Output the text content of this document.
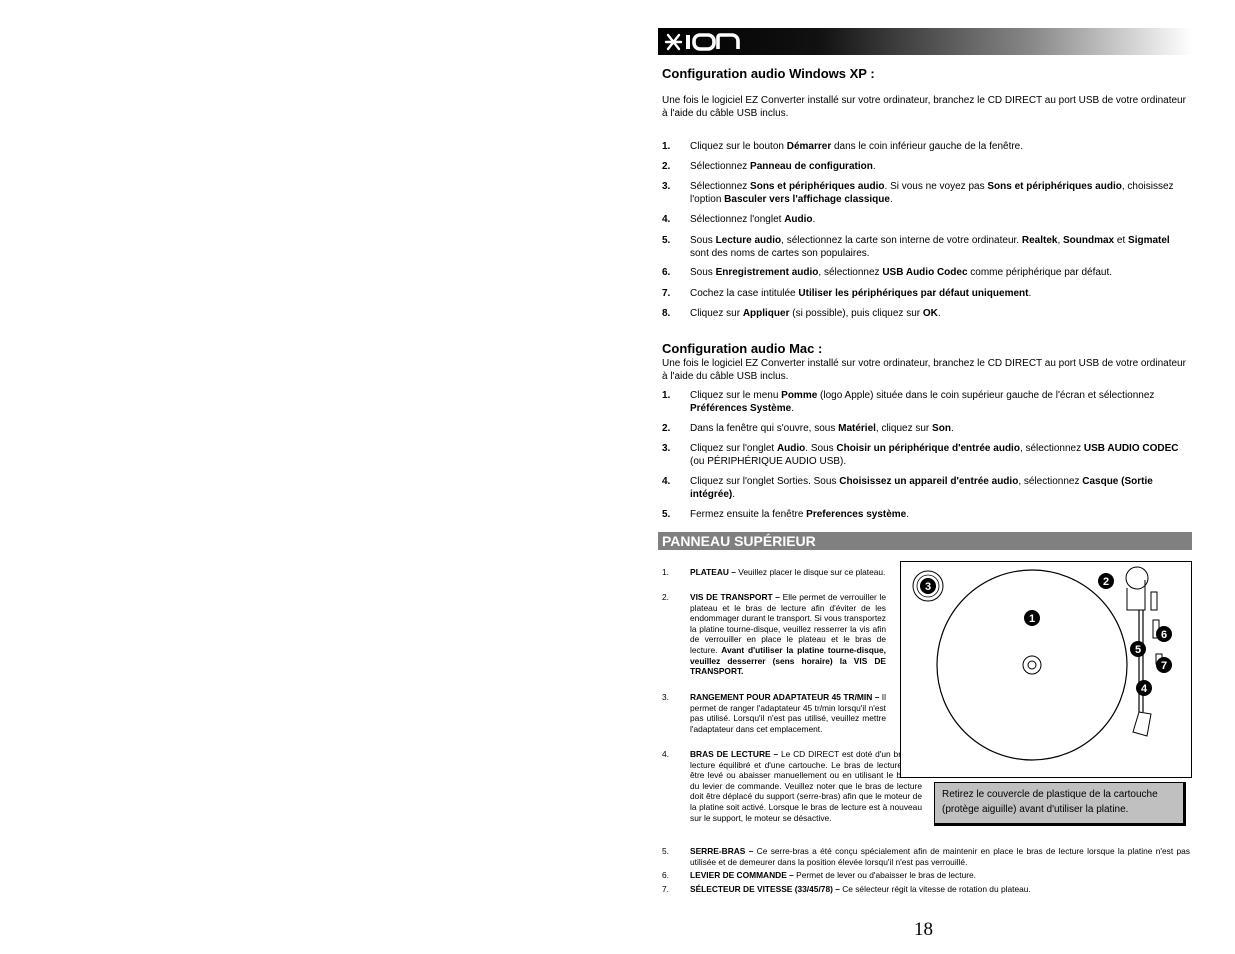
Configuration audio Windows XP :

Une fois le logiciel EZ Converter installé sur votre ordinateur, branchez le CD DIRECT au port USB de votre ordinateur à l'aide du câble USB inclus.

1. Cliquez sur le bouton Démarrer dans le coin inférieur gauche de la fenêtre.
2. Sélectionnez Panneau de configuration.
3. Sélectionnez Sons et périphériques audio. Si vous ne voyez pas Sons et périphériques audio, choisissez l'option Basculer vers l'affichage classique.
4. Sélectionnez l'onglet Audio.
5. Sous Lecture audio, sélectionnez la carte son interne de votre ordinateur. Realtek, Soundmax et Sigmatel sont des noms de cartes son populaires.
6. Sous Enregistrement audio, sélectionnez USB Audio Codec comme périphérique par défaut.
7. Cochez la case intitulée Utiliser les périphériques par défaut uniquement.
8. Cliquez sur Appliquer (si possible), puis cliquez sur OK.
Configuration audio Mac :

Une fois le logiciel EZ Converter installé sur votre ordinateur, branchez le CD DIRECT au port USB de votre ordinateur à l'aide du câble USB inclus.

1. Cliquez sur le menu Pomme (logo Apple) située dans le coin supérieur gauche de l'écran et sélectionnez Préférences Système.
2. Dans la fenêtre qui s'ouvre, sous Matériel, cliquez sur Son.
3. Cliquez sur l'onglet Audio. Sous Choisir un périphérique d'entrée audio, sélectionnez USB AUDIO CODEC (ou PÉRIPHÉRIQUE AUDIO USB).
4. Cliquez sur l'onglet Sorties. Sous Choisissez un appareil d'entrée audio, sélectionnez Casque (Sortie intégrée).
5. Fermez ensuite la fenêtre Preferences système.
PANNEAU SUPÉRIEUR
1.	PLATEAU – Veuillez placer le disque sur ce plateau.
2.	VIS DE TRANSPORT – Elle permet de verrouiller le plateau et le bras de lecture afin d'éviter de les endommager durant le transport. Si vous transportez la platine tourne-disque, veuillez resserrer la vis afin de verrouiller en place le plateau et le bras de lecture. Avant d'utiliser la platine tourne-disque, veuillez desserrer (sens horaire) la VIS DE TRANSPORT.
3.	RANGEMENT POUR ADAPTATEUR 45 TR/MIN – Il permet de ranger l'adaptateur 45 tr/min lorsqu'il n'est pas utilisé. Lorsqu'il n'est pas utilisé, veuillez mettre l'adaptateur dans cet emplacement.
4.	BRAS DE LECTURE – Le CD DIRECT est doté d'un bras de lecture équilibré et d'une cartouche. Le bras de lecture peut être levé ou abaisser manuellement ou en utilisant le bouton du levier de commande. Veuillez noter que le bras de lecture doit être déplacé du support (serre-bras) afin que le moteur de la platine soit activé. Lorsque le bras de lecture est à nouveau sur le support, le moteur se désactive.
5.	SERRE-BRAS – Ce serre-bras a été conçu spécialement afin de maintenir en place le bras de lecture lorsque la platine n'est pas utilisée et de demeurer dans la position élevée lorsqu'il n'est pas verrouillé.
6.	LEVIER DE COMMANDE – Permet de lever ou d'abaisser le bras de lecture.
7.	SÉLECTEUR DE VITESSE (33/45/78) – Ce sélecteur régit la vitesse de rotation du plateau.
1
2
3
4
5
6
7
Retirez le couvercle de plastique de la cartouche (protège aiguille) avant d'utiliser la platine.
18
